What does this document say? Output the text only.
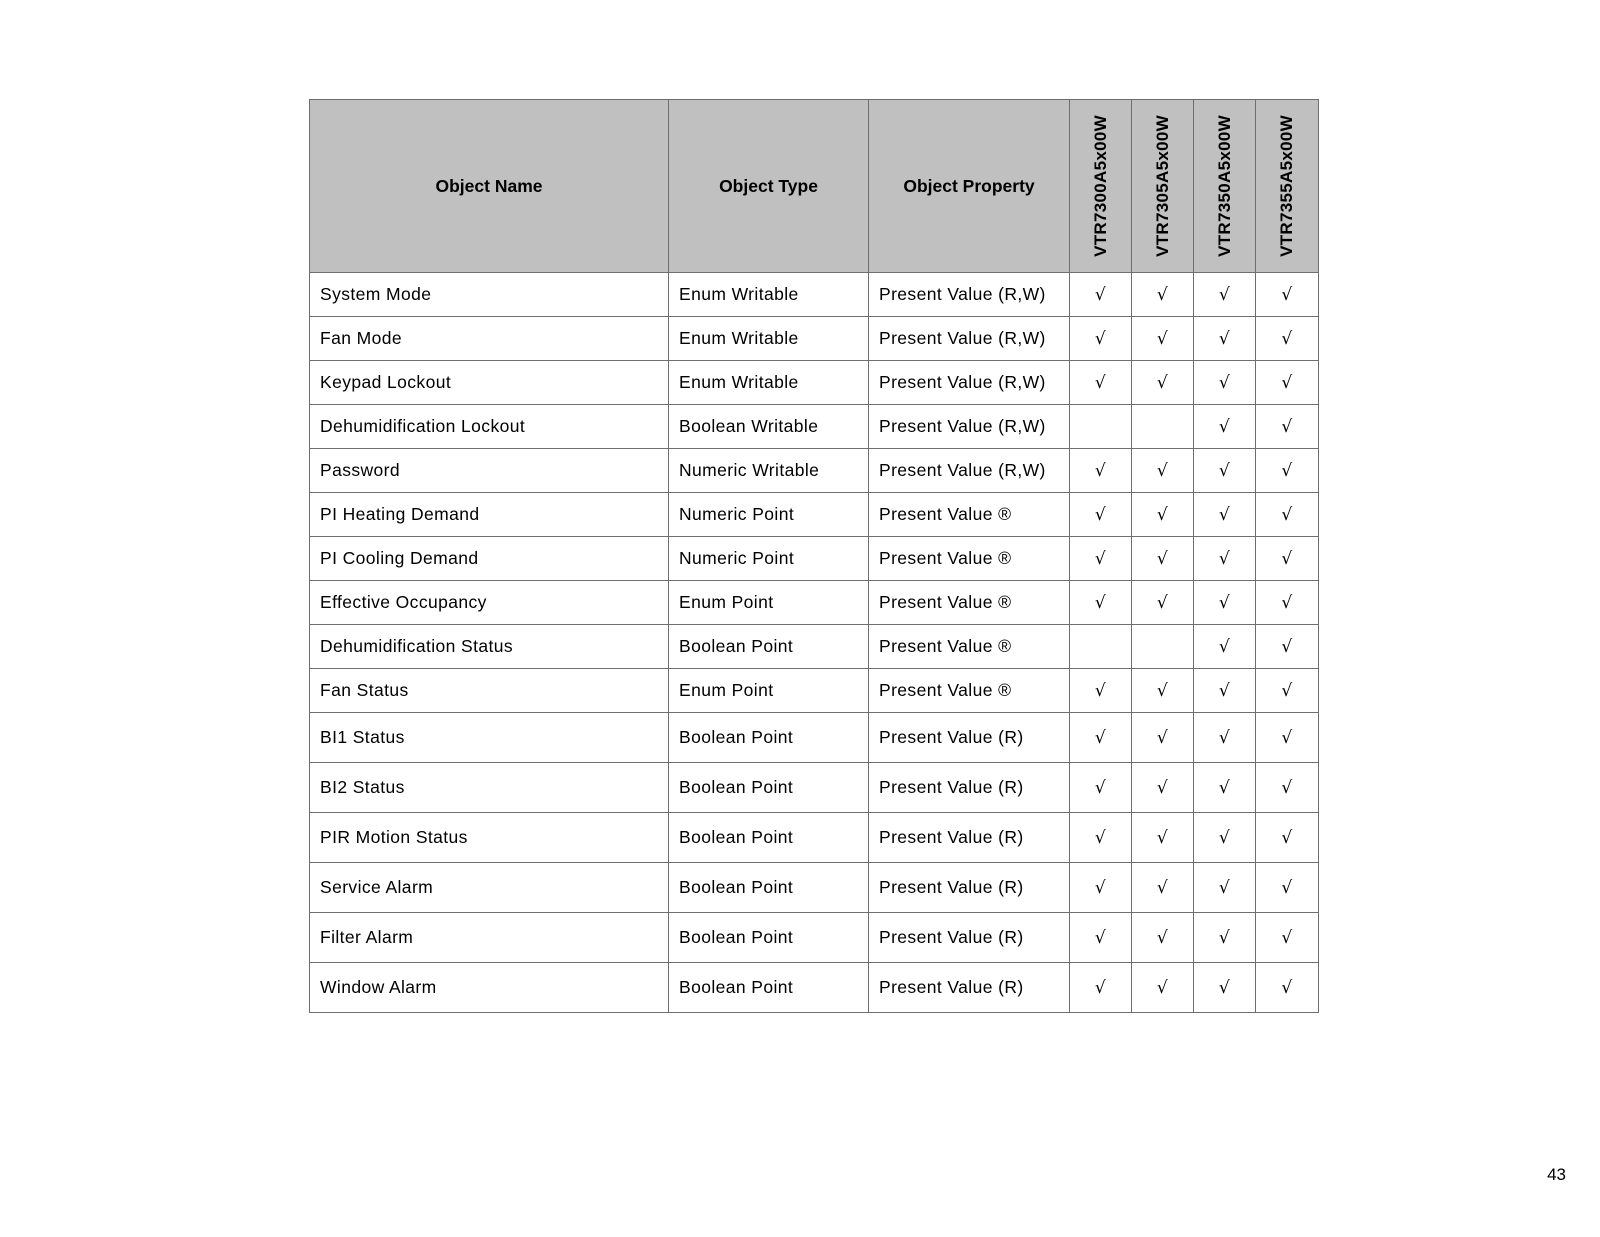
Object Name	Object Type	Object Property	VTR7300A5x00W	VTR7305A5x00W	VTR7350A5x00W	VTR7355A5x00W

System Mode	Enum Writable	Present Value (R,W)	√	√	√	√
Fan Mode	Enum Writable	Present Value (R,W)	√	√	√	√
Keypad Lockout	Enum Writable	Present Value (R,W)	√	√	√	√
Dehumidification Lockout	Boolean Writable	Present Value (R,W)			√	√
Password	Numeric Writable	Present Value (R,W)	√	√	√	√
PI Heating Demand	Numeric Point	Present Value ®	√	√	√	√
PI Cooling Demand	Numeric Point	Present Value ®	√	√	√	√
Effective Occupancy	Enum Point	Present Value ®	√	√	√	√
Dehumidification Status	Boolean Point	Present Value ®			√	√
Fan Status	Enum Point	Present Value ®	√	√	√	√
BI1 Status	Boolean Point	Present Value (R)	√	√	√	√
BI2 Status	Boolean Point	Present Value (R)	√	√	√	√
PIR Motion Status	Boolean Point	Present Value (R)	√	√	√	√
Service Alarm	Boolean Point	Present Value (R)	√	√	√	√
Filter Alarm	Boolean Point	Present Value (R)	√	√	√	√
Window Alarm	Boolean Point	Present Value (R)	√	√	√	√
43
